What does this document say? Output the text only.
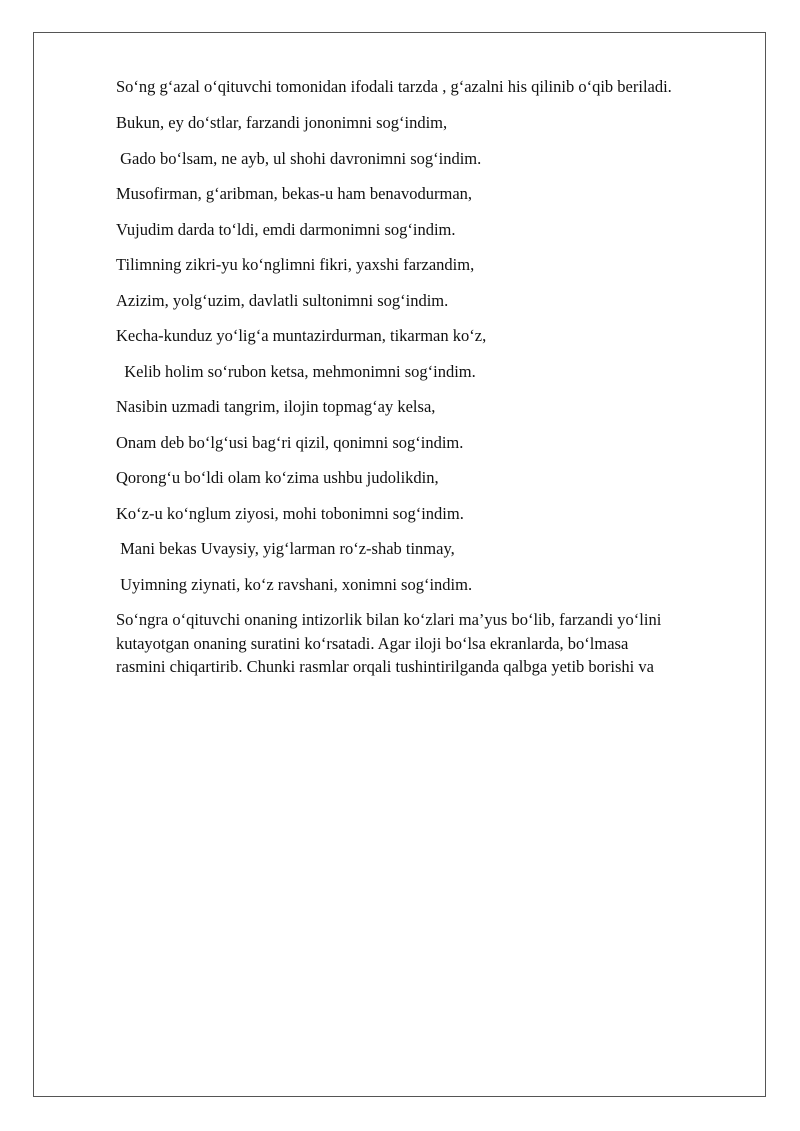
So‘ng g‘azal o‘qituvchi tomonidan ifodali tarzda , g‘azalni his qilinib o‘qib beriladi.

Bukun, ey do‘stlar, farzandi jononimni sog‘indim,

Gado bo‘lsam, ne ayb, ul shohi davronimni sog‘indim.

Musofirman, g‘aribman, bekas-u ham benavodurman,

Vujudim darda to‘ldi, emdi darmonimni sog‘indim.

Tilimning zikri-yu ko‘nglimni fikri, yaxshi farzandim,

Azizim, yolg‘uzim, davlatli sultonimni sog‘indim.

Kecha-kunduz yo‘lig‘a muntazirdurman, tikarman ko‘z,

Kelib holim so‘rubon ketsa, mehmonimni sog‘indim.

Nasibin uzmadi tangrim, ilojin topmag‘ay kelsa,

Onam deb bo‘lg‘usi bag‘ri qizil, qonimni sog‘indim.

Qorong‘u bo‘ldi olam ko‘zima ushbu judolikdin,

Ko‘z-u ko‘nglum ziyosi, mohi tobonimni sog‘indim.

Mani bekas Uvaysiy, yig‘larman ro‘z-shab tinmay,

Uyimning ziynati, ko‘z ravshani, xonimni sog‘indim.

So‘ngra o‘qituvchi onaning intizorlik bilan ko‘zlari ma’yus bo‘lib, farzandi yo‘lini kutayotgan onaning suratini ko‘rsatadi. Agar iloji bo‘lsa ekranlarda, bo‘lmasa rasmini chiqartirib. Chunki rasmlar orqali tushintirilganda qalbga yetib borishi va
